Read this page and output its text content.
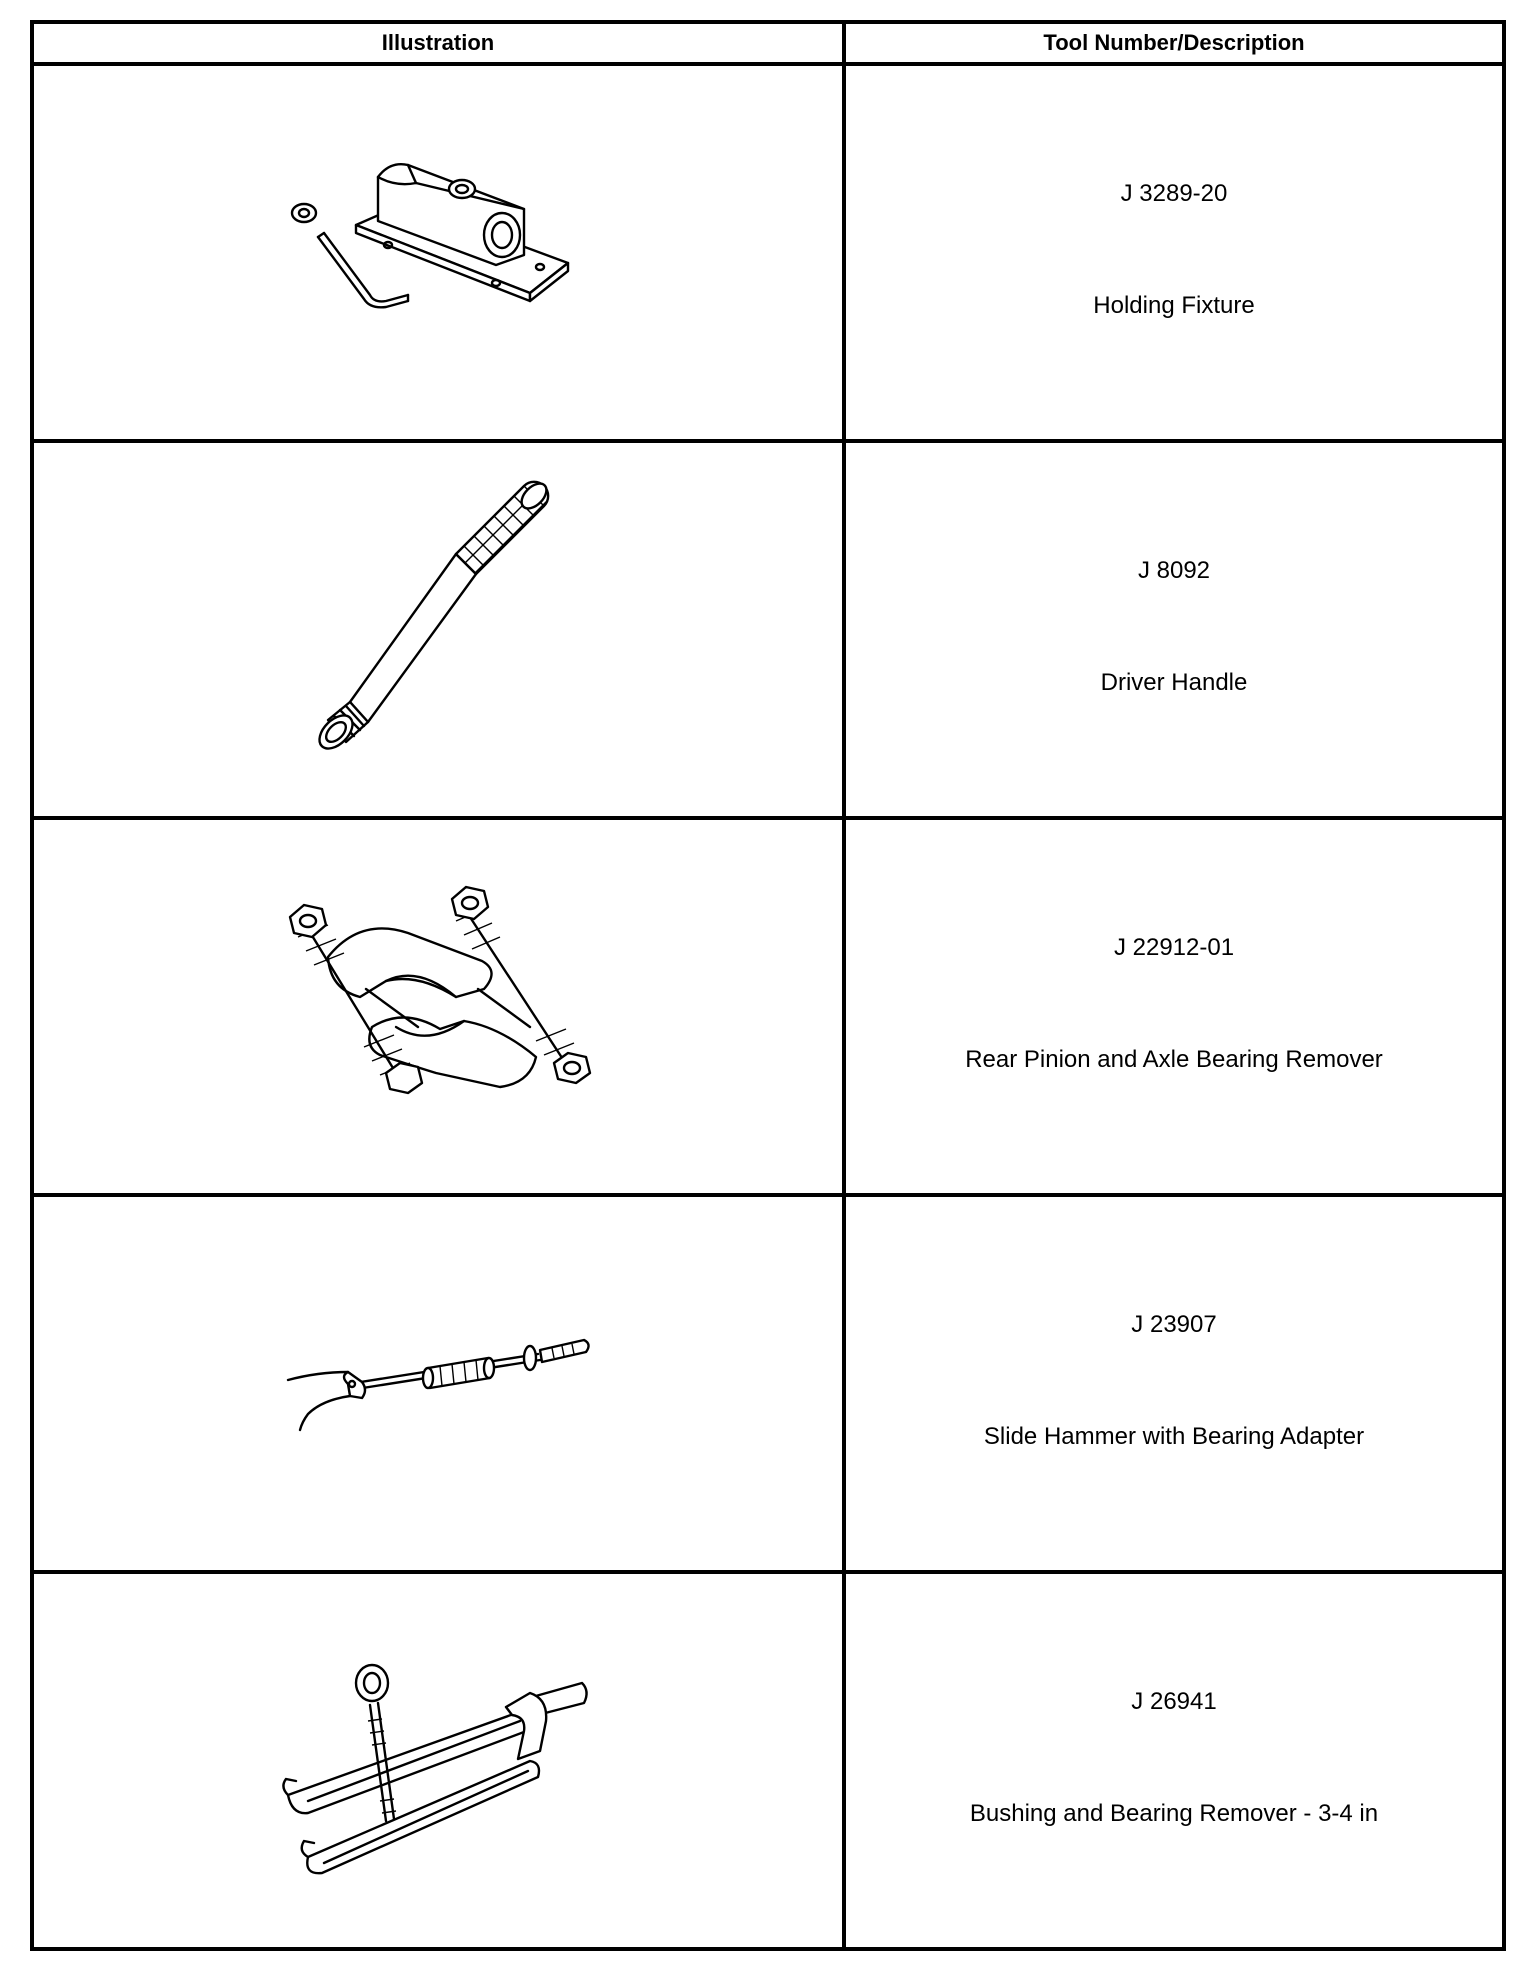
Illustration	Tool Number/Description

J 3289-20
Holding Fixture

J 8092
Driver Handle

J 22912-01
Rear Pinion and Axle Bearing Remover

J 23907
Slide Hammer with Bearing Adapter

J 26941
Bushing and Bearing Remover - 3-4 in
